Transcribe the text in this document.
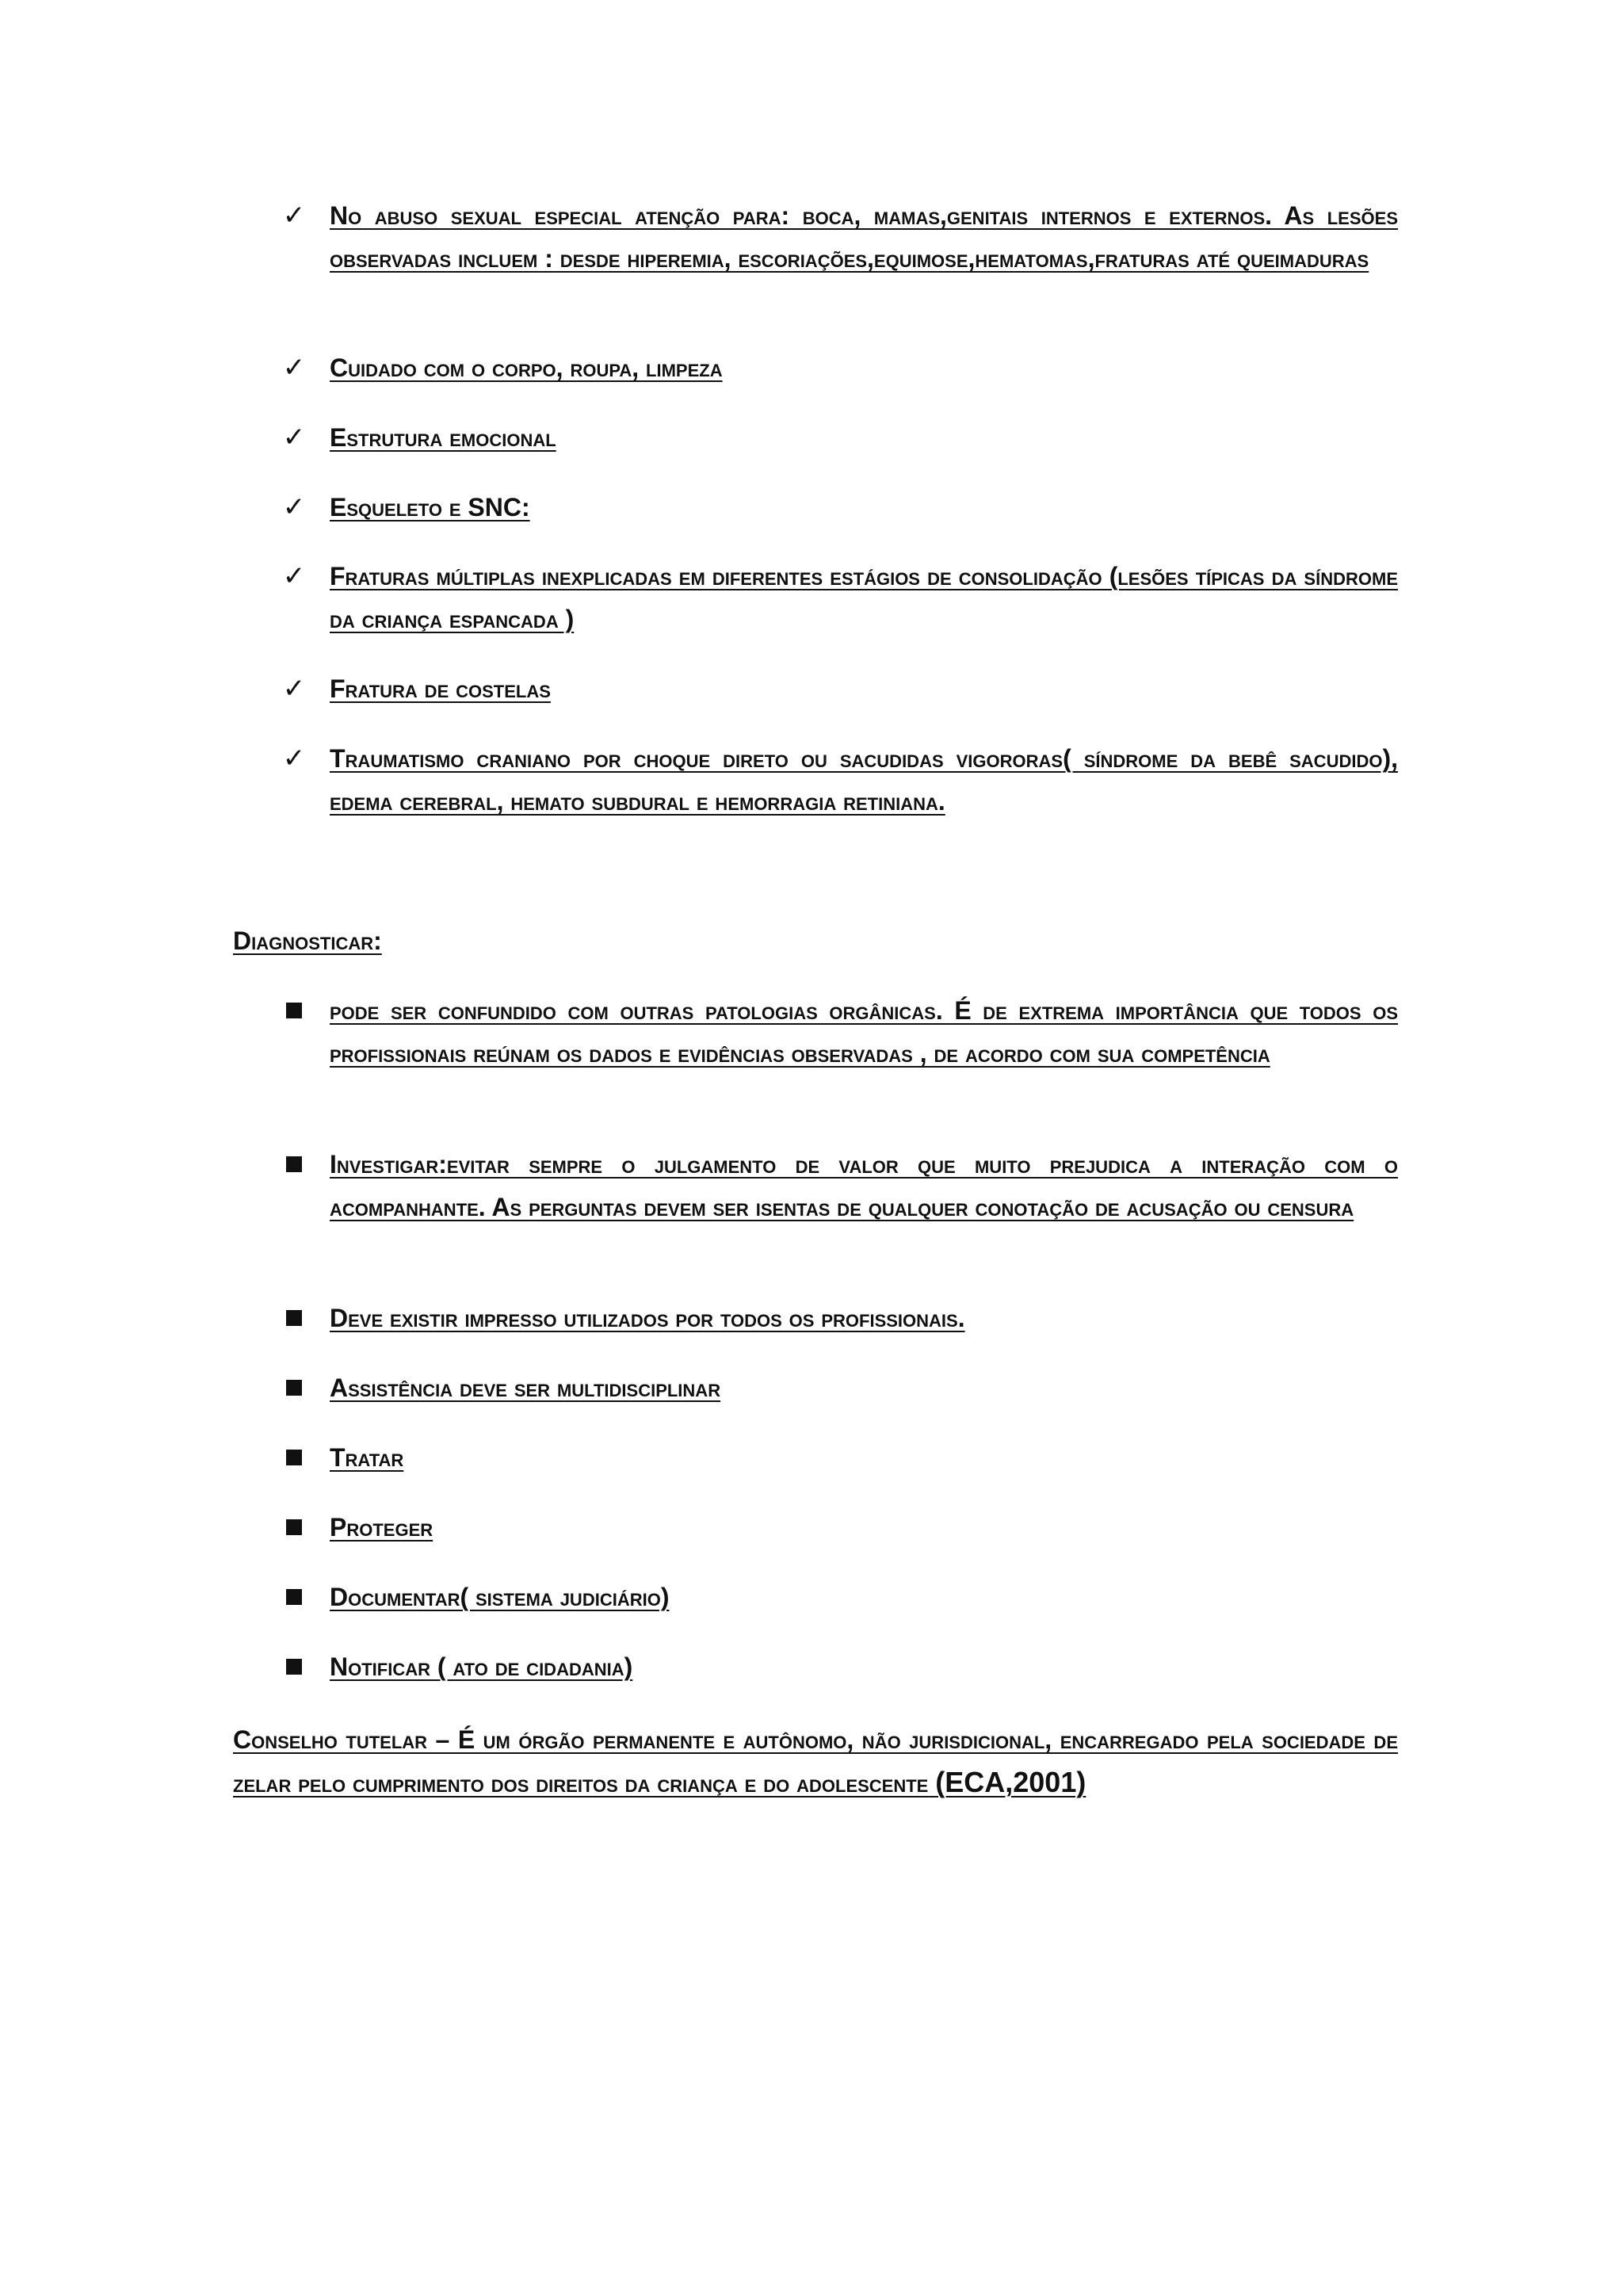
✓ No abuso sexual especial atenção para: boca, mamas,genitais internos e externos. As lesões observadas incluem : desde hiperemia, escoriações,equimose,hematomas,fraturas até queimaduras

✓ Cuidado com o corpo, roupa, limpeza

✓ Estrutura emocional

✓ Esqueleto e SNC:

✓ Fraturas múltiplas inexplicadas em diferentes estágios de consolidação (lesões típicas da síndrome da criança espancada )

✓ Fratura de costelas

✓ Traumatismo craniano por choque direto ou sacudidas vigororas( síndrome da bebê sacudido), edema cerebral, hemato subdural e hemorragia retiniana.

Diagnosticar:

pode ser confundido com outras patologias orgânicas. É de extrema importância que todos os profissionais reúnam os dados e evidências observadas , de acordo com sua competência

Investigar:evitar sempre o julgamento de valor que muito prejudica a interação com o acompanhante. As perguntas devem ser isentas de qualquer conotação de acusação ou censura

Deve existir impresso utilizados por todos os profissionais.

Assistência deve ser multidisciplinar

Tratar

Proteger

Documentar( sistema judiciário)

Notificar ( ato de cidadania)

Conselho tutelar – É um órgão permanente e autônomo, não jurisdicional, encarregado pela sociedade de zelar pelo cumprimento dos direitos da criança e do adolescente (ECA,2001)
